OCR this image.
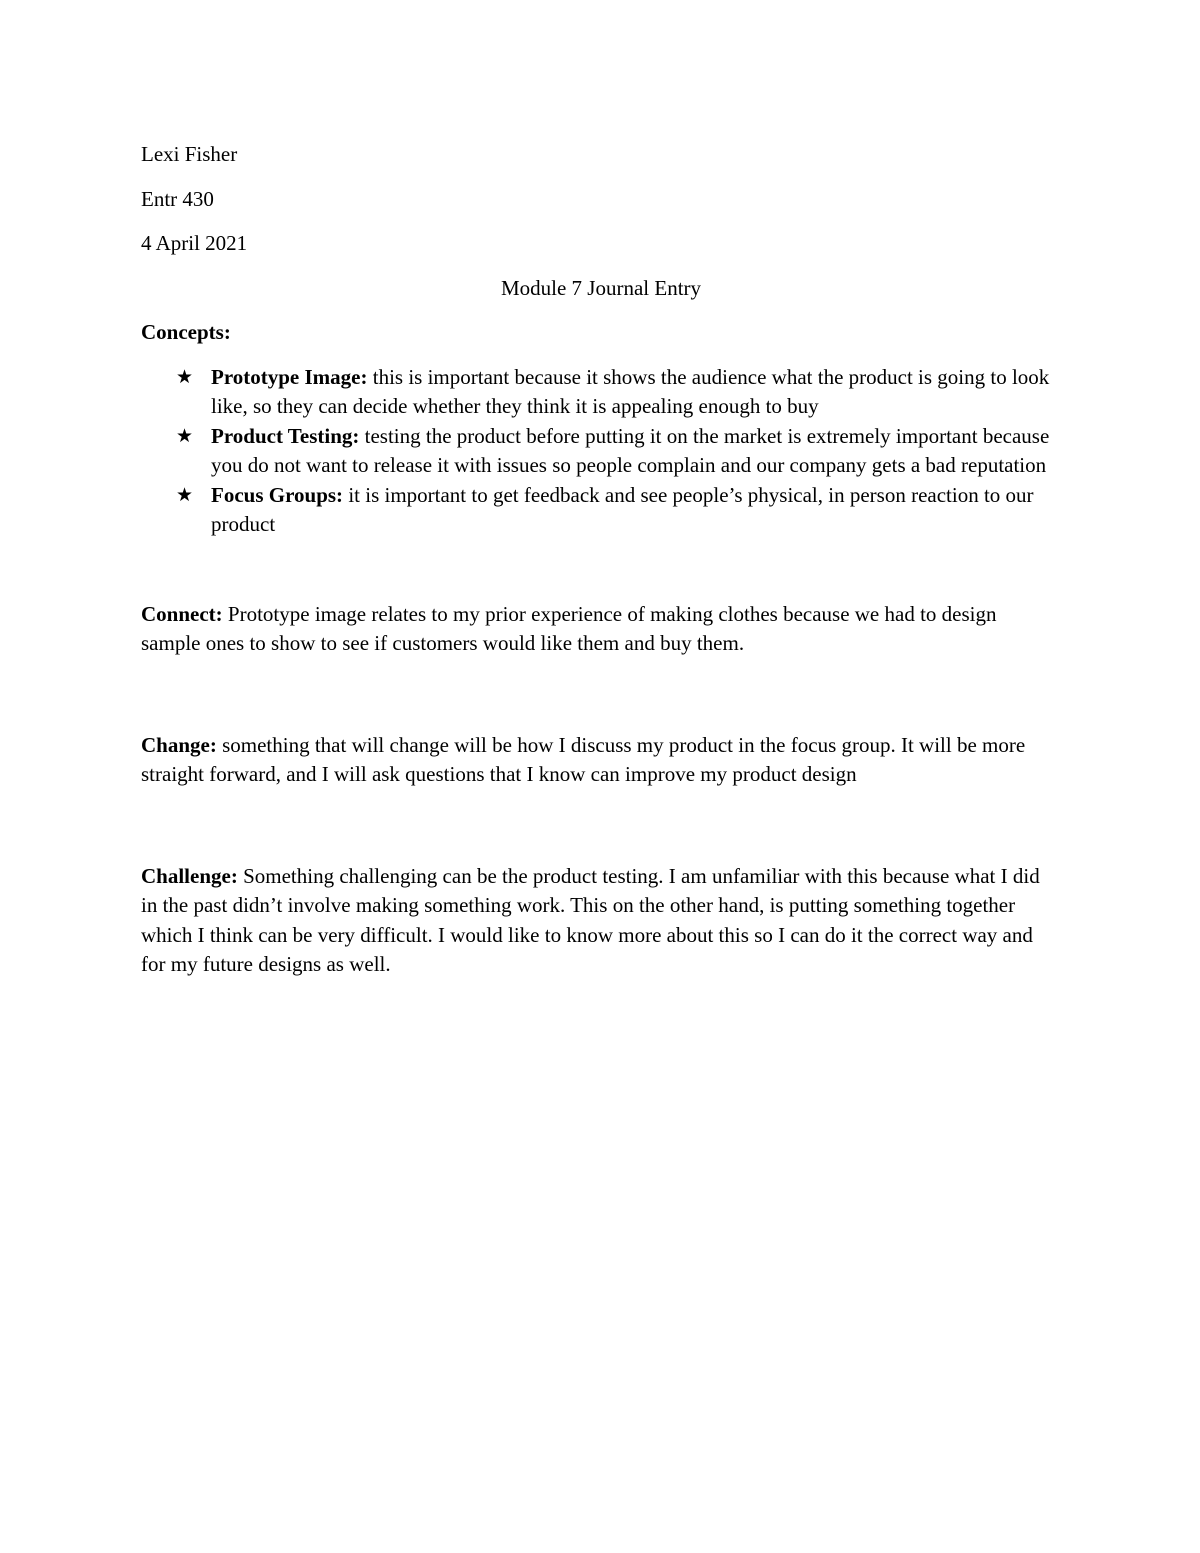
Lexi Fisher

Entr 430

4 April 2021

Module 7 Journal Entry

Concepts:

★ Prototype Image: this is important because it shows the audience what the product is going to look like, so they can decide whether they think it is appealing enough to buy
★ Product Testing: testing the product before putting it on the market is extremely important because you do not want to release it with issues so people complain and our company gets a bad reputation
★ Focus Groups: it is important to get feedback and see people’s physical, in person reaction to our product

Connect: Prototype image relates to my prior experience of making clothes because we had to design sample ones to show to see if customers would like them and buy them.

Change: something that will change will be how I discuss my product in the focus group. It will be more straight forward, and I will ask questions that I know can improve my product design

Challenge: Something challenging can be the product testing. I am unfamiliar with this because what I did in the past didn’t involve making something work. This on the other hand, is putting something together which I think can be very difficult. I would like to know more about this so I can do it the correct way and for my future designs as well.
